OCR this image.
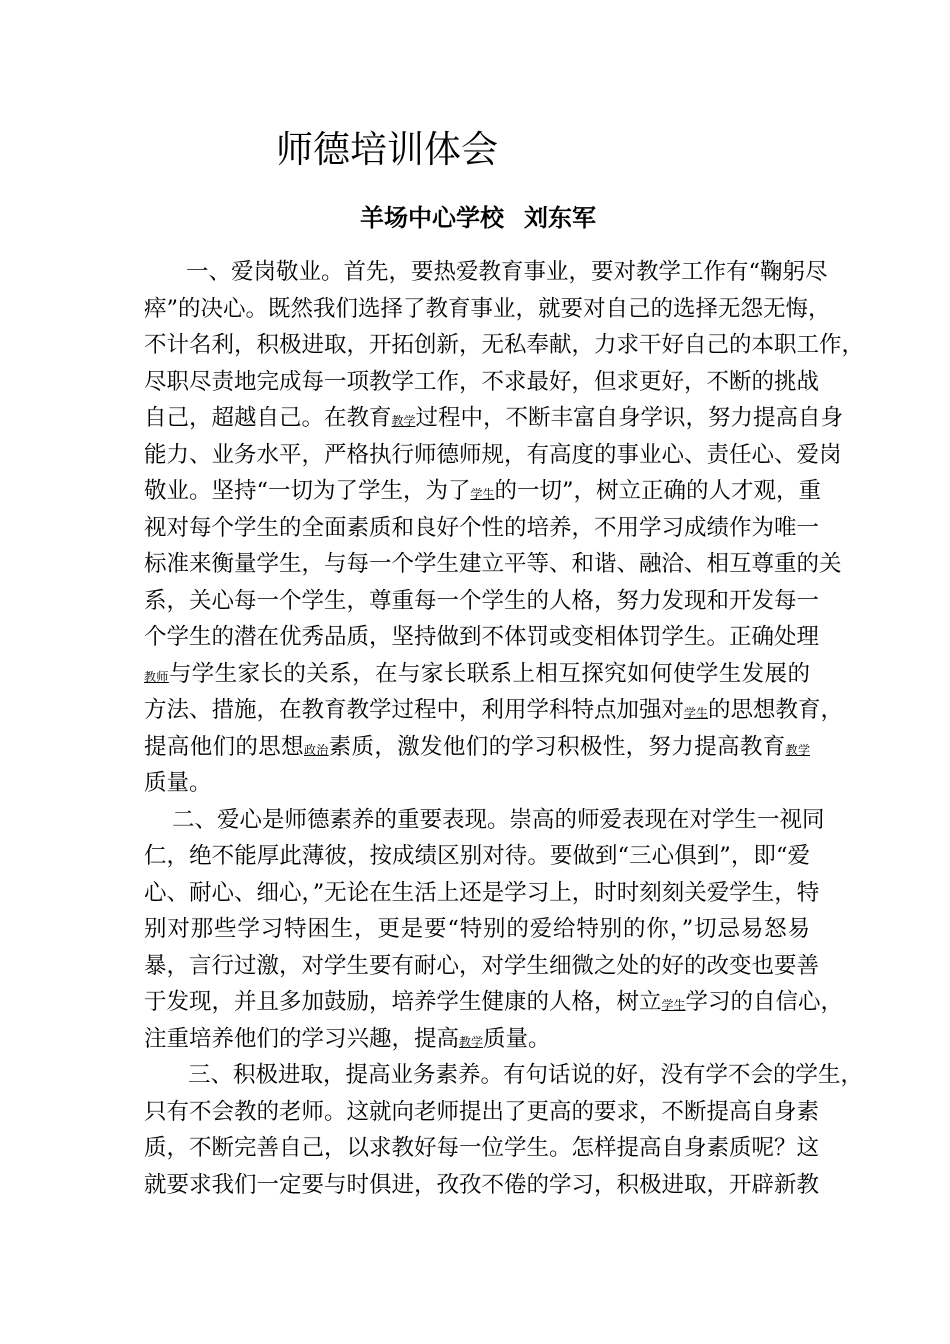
师德培训体会
羊场中心学校 刘东军
一、爱岗敬业。首先，要热爱教育事业，要对教学工作有“鞠躬尽
瘁”的决心。既然我们选择了教育事业，就要对自己的选择无怨无悔，
不计名利，积极进取，开拓创新，无私奉献，力求干好自己的本职工作，
尽职尽责地完成每一项教学工作，不求最好，但求更好，不断的挑战
自己，超越自己。在教育教学过程中，不断丰富自身学识，努力提高自身
能力、业务水平，严格执行师德师规，有高度的事业心、责任心、爱岗
敬业。坚持“一切为了学生，为了学生的一切”，树立正确的人才观，重
视对每个学生的全面素质和良好个性的培养，不用学习成绩作为唯一
标准来衡量学生，与每一个学生建立平等、和谐、融洽、相互尊重的关
系，关心每一个学生，尊重每一个学生的人格，努力发现和开发每一
个学生的潜在优秀品质，坚持做到不体罚或变相体罚学生。正确处理
教师与学生家长的关系，在与家长联系上相互探究如何使学生发展的
方法、措施，在教育教学过程中，利用学科特点加强对学生的思想教育，
提高他们的思想政治素质，激发他们的学习积极性，努力提高教育教学
质量。
二、爱心是师德素养的重要表现。崇高的师爱表现在对学生一视同
仁，绝不能厚此薄彼，按成绩区别对待。要做到“三心俱到”，即“爱
心、耐心、细心，”无论在生活上还是学习上，时时刻刻关爱学生，特
别对那些学习特困生，更是要“特别的爱给特别的你，”切忌易怒易
暴，言行过激，对学生要有耐心，对学生细微之处的好的改变也要善
于发现，并且多加鼓励，培养学生健康的人格，树立学生学习的自信心，
注重培养他们的学习兴趣，提高教学质量。
三、积极进取，提高业务素养。有句话说的好，没有学不会的学生，
只有不会教的老师。这就向老师提出了更高的要求，不断提高自身素
质，不断完善自己，以求教好每一位学生。怎样提高自身素质呢？这
就要求我们一定要与时俱进，孜孜不倦的学习，积极进取，开辟新教
